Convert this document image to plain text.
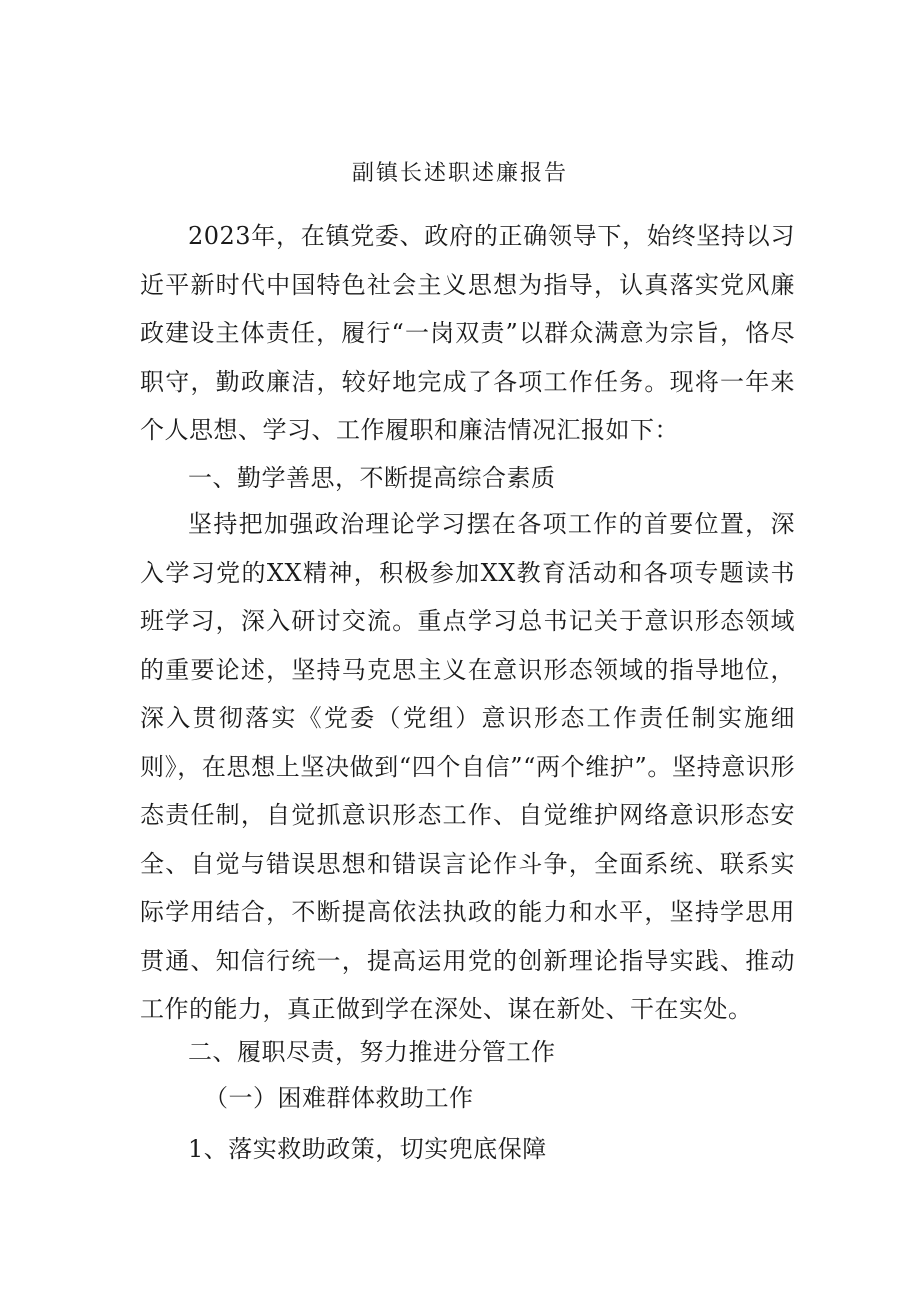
副镇长述职述廉报告

2023年，在镇党委、政府的正确领导下，始终坚持以习近平新时代中国特色社会主义思想为指导，认真落实党风廉政建设主体责任，履行“一岗双责”以群众满意为宗旨，恪尽职守，勤政廉洁，较好地完成了各项工作任务。现将一年来个人思想、学习、工作履职和廉洁情况汇报如下：

一、勤学善思，不断提高综合素质

坚持把加强政治理论学习摆在各项工作的首要位置，深入学习党的XX精神，积极参加XX教育活动和各项专题读书班学习，深入研讨交流。重点学习总书记关于意识形态领域的重要论述，坚持马克思主义在意识形态领域的指导地位，深入贯彻落实《党委（党组）意识形态工作责任制实施细则》，在思想上坚决做到“四个自信”“两个维护”。坚持意识形态责任制，自觉抓意识形态工作、自觉维护网络意识形态安全、自觉与错误思想和错误言论作斗争，全面系统、联系实际学用结合，不断提高依法执政的能力和水平，坚持学思用贯通、知信行统一，提高运用党的创新理论指导实践、推动工作的能力，真正做到学在深处、谋在新处、干在实处。

二、履职尽责，努力推进分管工作

（一）困难群体救助工作

1、落实救助政策，切实兜底保障
